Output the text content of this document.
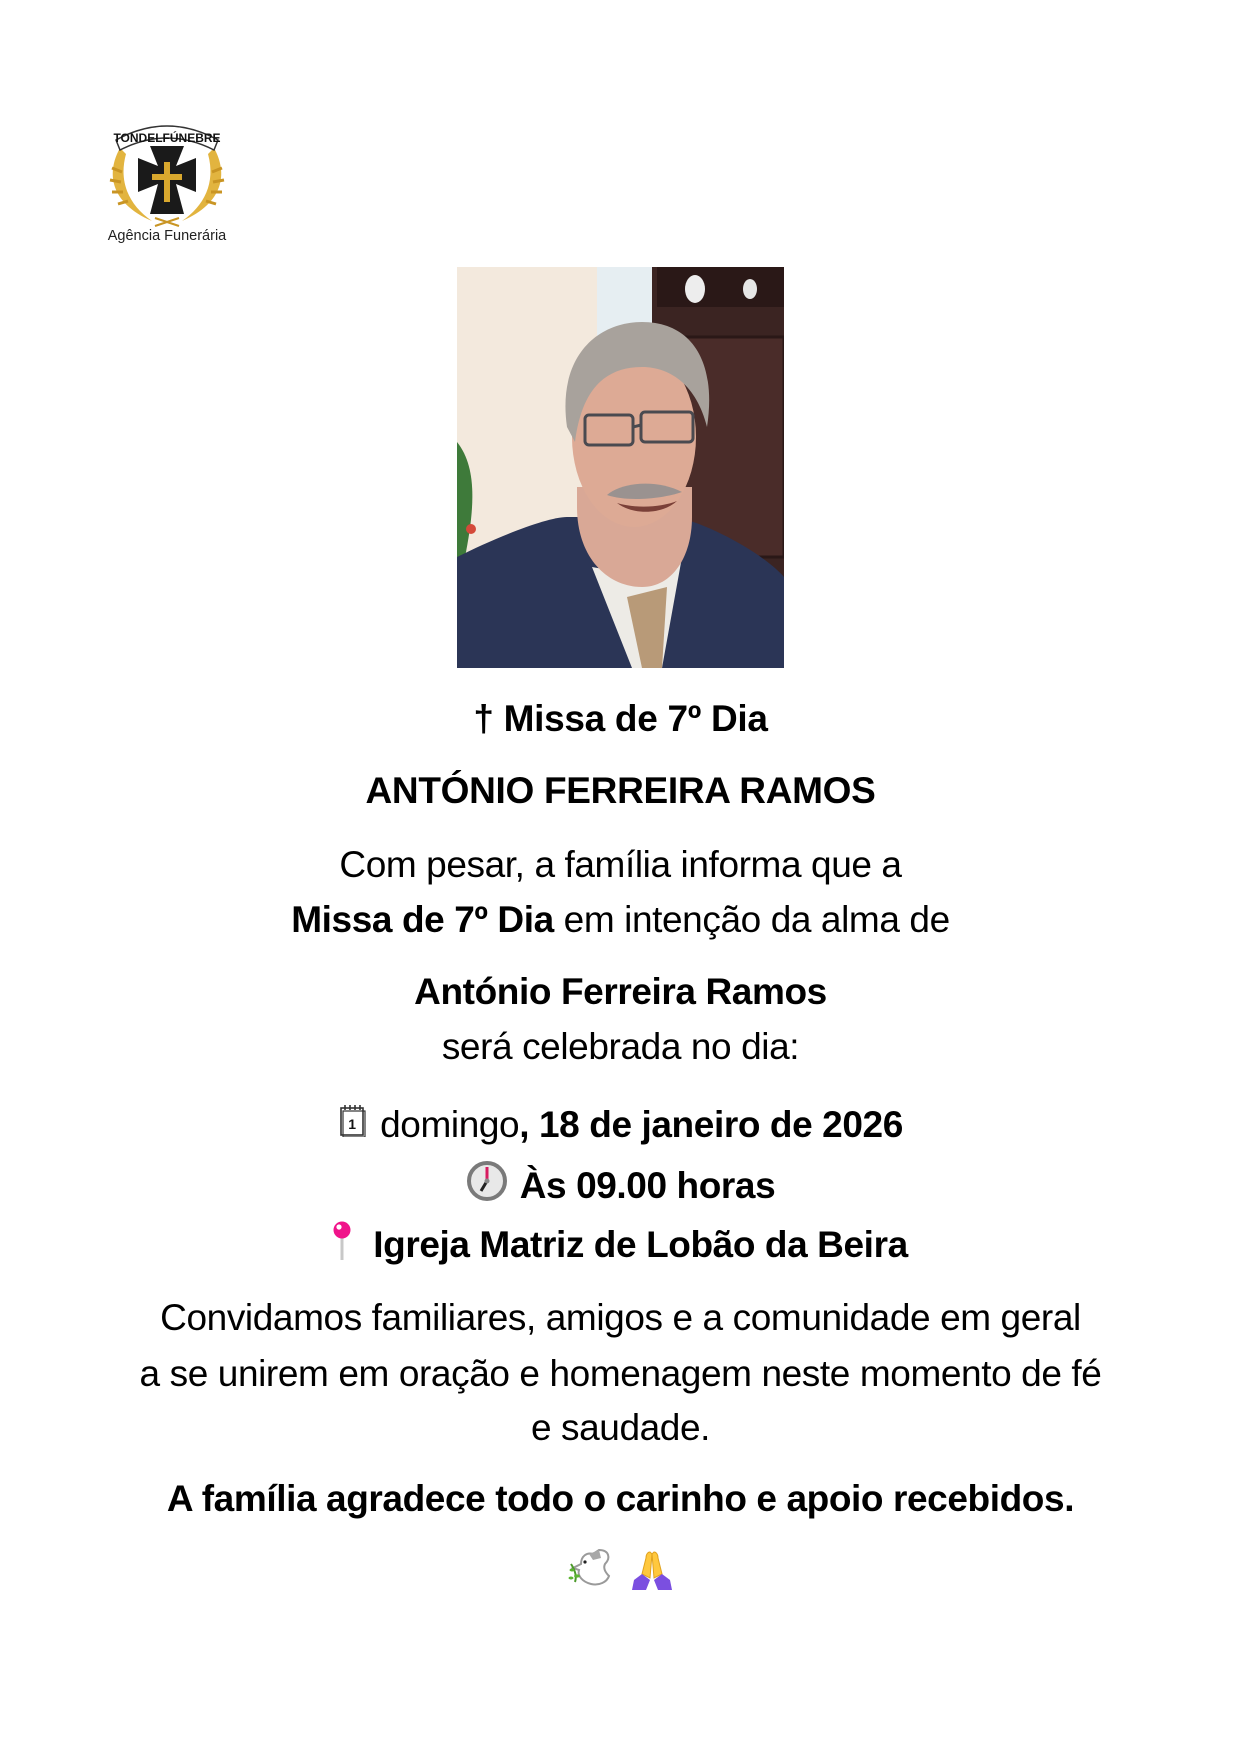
TONDELFÚNEBRE
Agência Funerária
† Missa de 7º Dia
ANTÓNIO FERREIRA RAMOS
Com pesar, a família informa que a
Missa de 7º Dia em intenção da alma de
António Ferreira Ramos
será celebrada no dia:
1 domingo, 18 de janeiro de 2026
Às 09.00 horas
Igreja Matriz de Lobão da Beira
Convidamos familiares, amigos e a comunidade em geral
a se unirem em oração e homenagem neste momento de fé
e saudade.
A família agradece todo o carinho e apoio recebidos.
